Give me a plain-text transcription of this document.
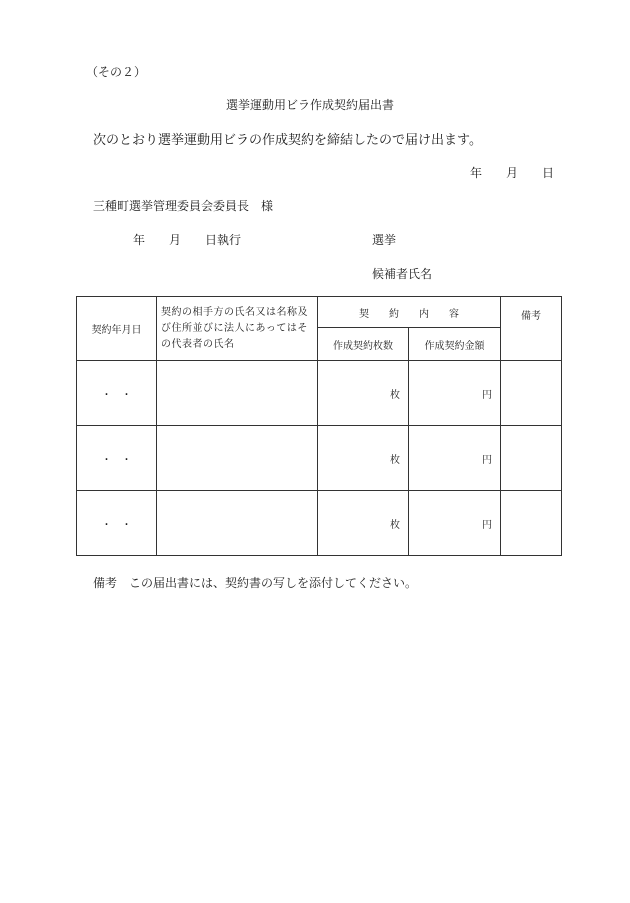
（その２）
選挙運動用ビラ作成契約届出書
次のとおり選挙運動用ビラの作成契約を締結したので届け出ます。
年　　月　　日
三種町選挙管理委員会委員長　様
年　　月　　日執行	選挙
候補者氏名
契約年月日	契約の相手方の氏名又は名称及び住所並びに法人にあってはその代表者の氏名	契　　約　　内　　容		備考
		作成契約枚数	作成契約金額	
・　・		枚	円	
・　・		枚	円	
・　・		枚	円	
備考　この届出書には、契約書の写しを添付してください。
